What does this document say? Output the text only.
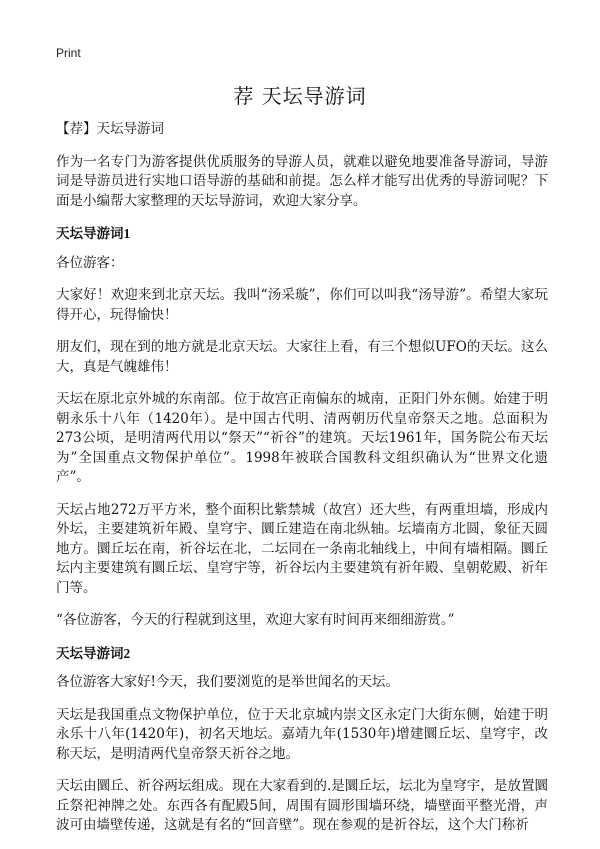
Print
荐 天坛导游词

【荐】天坛导游词

作为一名专门为游客提供优质服务的导游人员，就难以避免地要准备导游词，导游词是导游员进行实地口语导游的基础和前提。怎么样才能写出优秀的导游词呢？下面是小编帮大家整理的天坛导游词，欢迎大家分享。

天坛导游词1

各位游客：

大家好！欢迎来到北京天坛。我叫“汤采璇”，你们可以叫我“汤导游”。希望大家玩得开心，玩得愉快！

朋友们，现在到的地方就是北京天坛。大家往上看，有三个想似UFO的天坛。这么大，真是气魄雄伟！

天坛在原北京外城的东南部。位于故宫正南偏东的城南，正阳门外东侧。始建于明朝永乐十八年（1420年）。是中国古代明、清两朝历代皇帝祭天之地。总面积为273公顷，是明清两代用以“祭天”“祈谷”的建筑。天坛1961年，国务院公布天坛为”全国重点文物保护单位”。1998年被联合国教科文组织确认为“世界文化遗产”。

天坛占地272万平方米，整个面积比紫禁城（故宫）还大些，有两重坦墙，形成内外坛，主要建筑祈年殿、皇穹宇、圜丘建造在南北纵轴。坛墙南方北圆，象征天圆地方。圜丘坛在南，祈谷坛在北，二坛同在一条南北轴线上，中间有墙相隔。圜丘坛内主要建筑有圜丘坛、皇穹宇等，祈谷坛内主要建筑有祈年殿、皇朝乾殿、祈年门等。

“各位游客，今天的行程就到这里，欢迎大家有时间再来细细游赏。”

天坛导游词2

各位游客大家好!今天，我们要浏览的是举世闻名的天坛。

天坛是我国重点文物保护单位，位于天北京城内崇文区永定门大街东侧，始建于明永乐十八年(1420年)，初名天地坛。嘉靖九年(1530年)增建圜丘坛、皇穹宇，改称天坛，是明清两代皇帝祭天祈谷之地。

天坛由圜丘、祈谷两坛组成。现在大家看到的.是圜丘坛，坛北为皇穹宇，是放置圜丘祭祀神牌之处。东西各有配殿5间，周围有圆形围墙环绕，墙壁面平整光滑，声波可由墙壁传递，这就是有名的“回音壁”。现在参观的是祈谷坛，这个大门称祈
